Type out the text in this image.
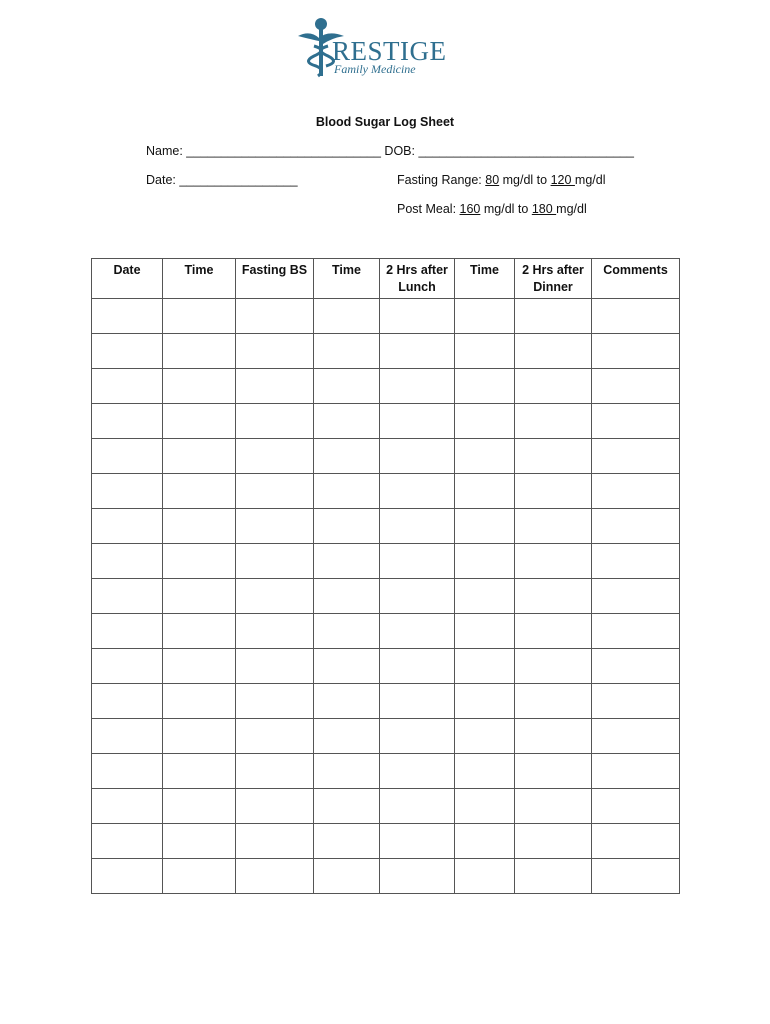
RESTIGE
Family Medicine
Blood Sugar Log Sheet
Name: ____________________________ DOB: _______________________________
Date: _________________	Fasting Range: 80 mg/dl to 120 mg/dl
Post Meal: 160 mg/dl to 180 mg/dl
Date	Time	Fasting BS	Time	2 Hrs after Lunch	Time	2 Hrs after Dinner	Comments
